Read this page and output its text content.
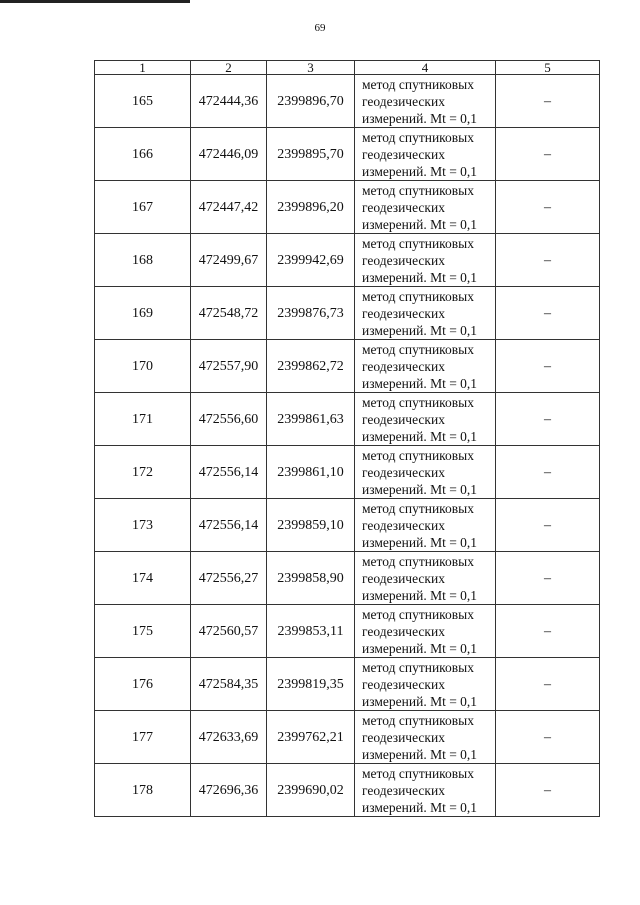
69
1	2	3	4	5
165	472444,36	2399896,70	метод спутниковых
геодезических
измерений. Mt = 0,1	–
166	472446,09	2399895,70	метод спутниковых
геодезических
измерений. Mt = 0,1	–
167	472447,42	2399896,20	метод спутниковых
геодезических
измерений. Mt = 0,1	–
168	472499,67	2399942,69	метод спутниковых
геодезических
измерений. Mt = 0,1	–
169	472548,72	2399876,73	метод спутниковых
геодезических
измерений. Mt = 0,1	–
170	472557,90	2399862,72	метод спутниковых
геодезических
измерений. Mt = 0,1	–
171	472556,60	2399861,63	метод спутниковых
геодезических
измерений. Mt = 0,1	–
172	472556,14	2399861,10	метод спутниковых
геодезических
измерений. Mt = 0,1	–
173	472556,14	2399859,10	метод спутниковых
геодезических
измерений. Mt = 0,1	–
174	472556,27	2399858,90	метод спутниковых
геодезических
измерений. Mt = 0,1	–
175	472560,57	2399853,11	метод спутниковых
геодезических
измерений. Mt = 0,1	–
176	472584,35	2399819,35	метод спутниковых
геодезических
измерений. Mt = 0,1	–
177	472633,69	2399762,21	метод спутниковых
геодезических
измерений. Mt = 0,1	–
178	472696,36	2399690,02	метод спутниковых
геодезических
измерений. Mt = 0,1	–
